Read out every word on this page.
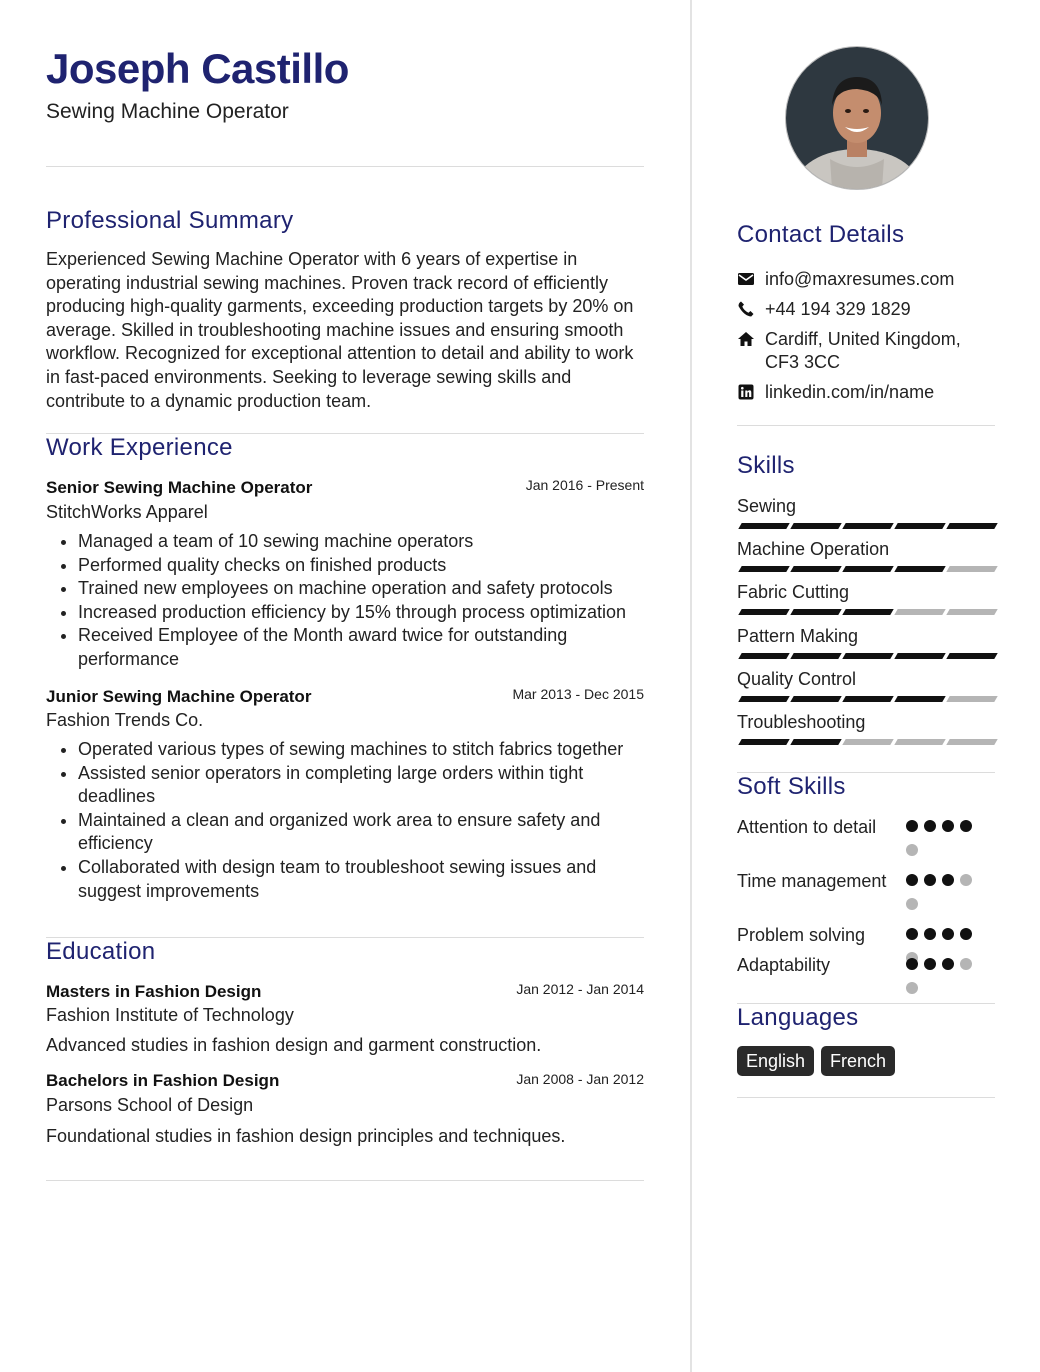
Joseph Castillo
Sewing Machine Operator
Professional Summary
Experienced Sewing Machine Operator with 6 years of expertise in operating industrial sewing machines. Proven track record of efficiently producing high-quality garments, exceeding production targets by 20% on average. Skilled in troubleshooting machine issues and ensuring smooth workflow. Recognized for exceptional attention to detail and ability to work in fast-paced environments. Seeking to leverage sewing skills and contribute to a dynamic production team.
Work Experience
Senior Sewing Machine Operator	Jan 2016 - Present
StitchWorks Apparel
• Managed a team of 10 sewing machine operators
• Performed quality checks on finished products
• Trained new employees on machine operation and safety protocols
• Increased production efficiency by 15% through process optimization
• Received Employee of the Month award twice for outstanding performance
Junior Sewing Machine Operator	Mar 2013 - Dec 2015
Fashion Trends Co.
• Operated various types of sewing machines to stitch fabrics together
• Assisted senior operators in completing large orders within tight deadlines
• Maintained a clean and organized work area to ensure safety and efficiency
• Collaborated with design team to troubleshoot sewing issues and suggest improvements
Education
Masters in Fashion Design	Jan 2012 - Jan 2014
Fashion Institute of Technology
Advanced studies in fashion design and garment construction.
Bachelors in Fashion Design	Jan 2008 - Jan 2012
Parsons School of Design
Foundational studies in fashion design principles and techniques.
Contact Details
info@maxresumes.com
+44 194 329 1829
Cardiff, United Kingdom, CF3 3CC
linkedin.com/in/name
Skills
Sewing
Machine Operation
Fabric Cutting
Pattern Making
Quality Control
Troubleshooting
Soft Skills
Attention to detail
Time management
Problem solving
Adaptability
Languages
English	French
